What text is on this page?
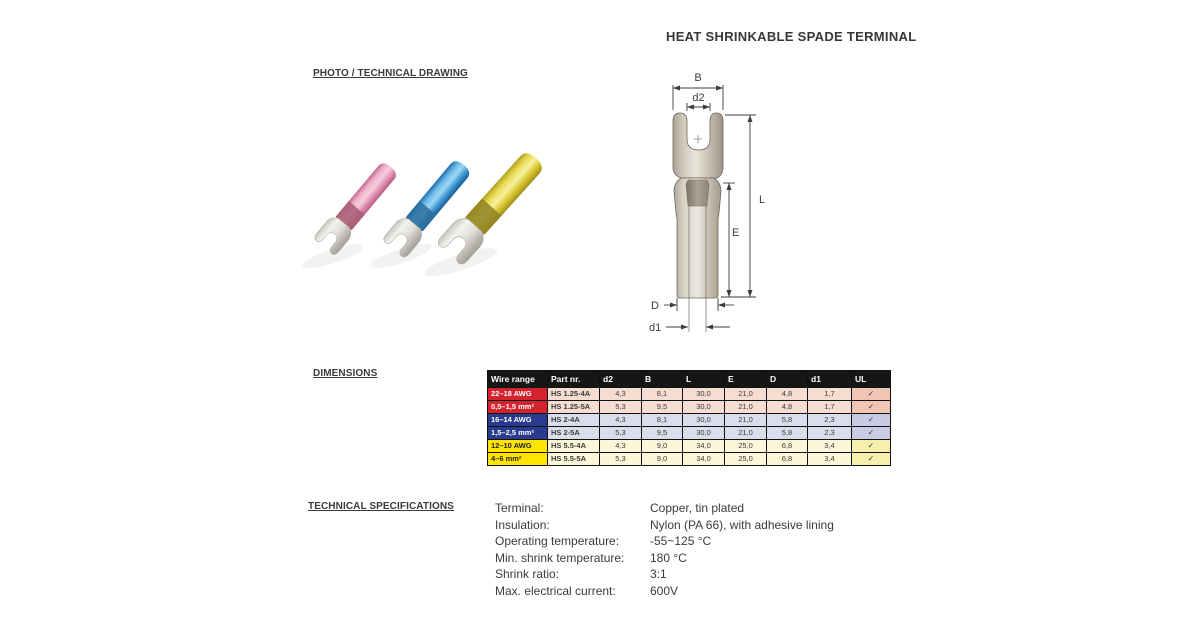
HEAT SHRINKABLE SPADE TERMINAL
PHOTO / TECHNICAL DRAWING
DIMENSIONS
TECHNICAL SPECIFICATIONS
B
d2
L
E
D
d1
Wire range	Part nr.	d2	B	L	E	D	d1	UL
22–18 AWG	HS 1.25-4A	4,3	8,1	30,0	21,0	4,8	1,7	✓
0,5–1,5 mm²	HS 1.25-5A	5,3	9,5	30,0	21,0	4,8	1,7	✓
16–14 AWG	HS 2-4A	4,3	8,1	30,0	21,0	5,8	2,3	✓
1,5–2,5 mm²	HS 2-5A	5,3	9,5	30,0	21,0	5,8	2,3	✓
12–10 AWG	HS 5.5-4A	4,3	9,0	34,0	25,0	6,8	3,4	✓
4–6 mm²	HS 5.5-5A	5,3	9,0	34,0	25,0	6,8	3,4	✓
Terminal:	Copper, tin plated
Insulation:	Nylon (PA 66), with adhesive lining
Operating temperature:	-55~125 °C
Min. shrink temperature:	180 °C
Shrink ratio:	3:1
Max. electrical current:	600V
